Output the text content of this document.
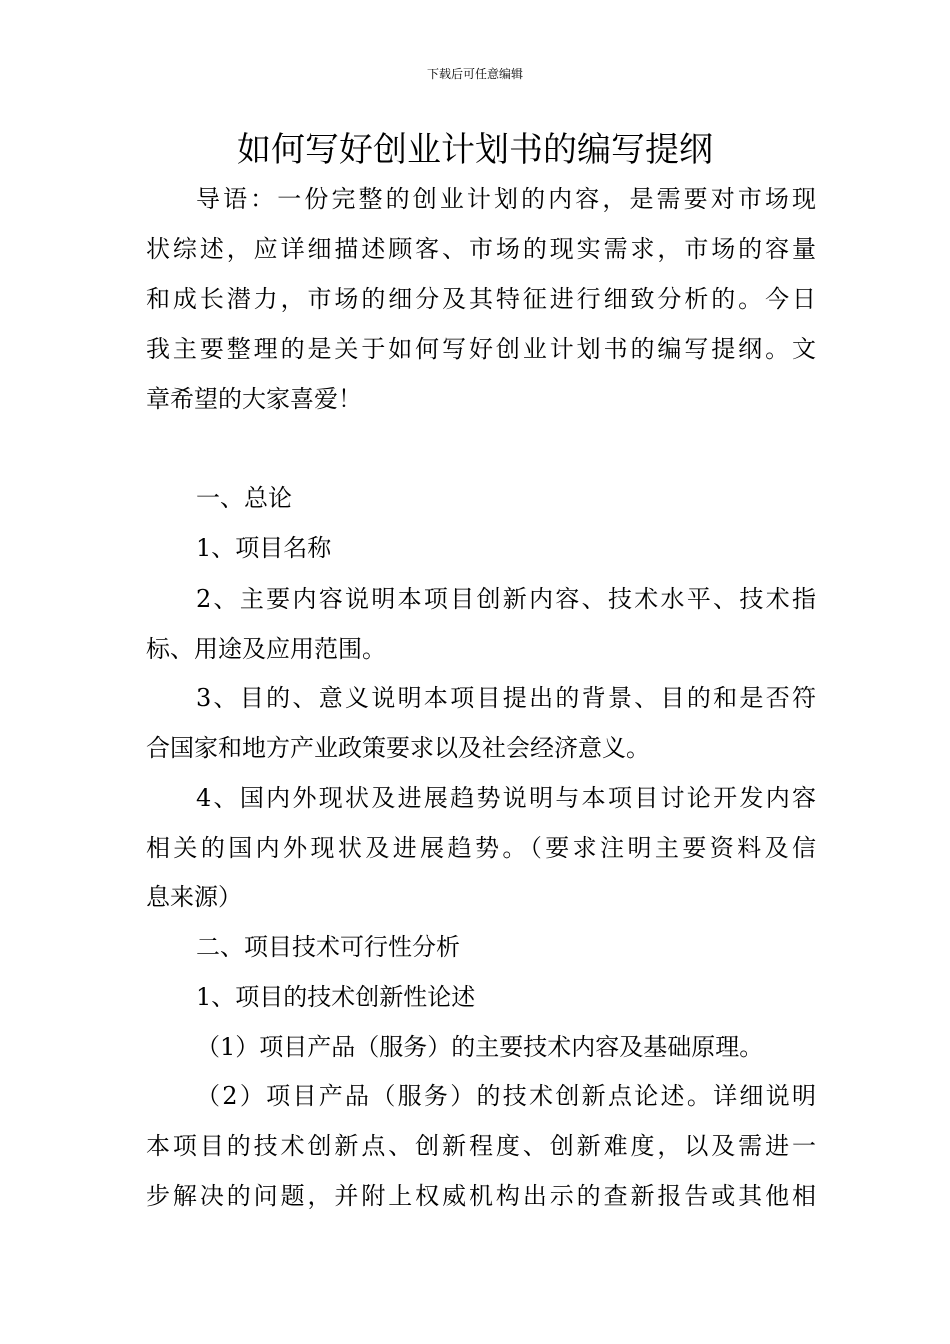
下载后可任意编辑
如何写好创业计划书的编写提纲
导语：一份完整的创业计划的内容，是需要对市场现
状综述，应详细描述顾客、市场的现实需求，市场的容量
和成长潜力，市场的细分及其特征进行细致分析的。今日
我主要整理的是关于如何写好创业计划书的编写提纲。文
章希望的大家喜爱！
一、总论
1、项目名称
2、主要内容说明本项目创新内容、技术水平、技术指
标、用途及应用范围。
3、目的、意义说明本项目提出的背景、目的和是否符
合国家和地方产业政策要求以及社会经济意义。
4、国内外现状及进展趋势说明与本项目讨论开发内容
相关的国内外现状及进展趋势。（要求注明主要资料及信
息来源）
二、项目技术可行性分析
1、项目的技术创新性论述
（1）项目产品（服务）的主要技术内容及基础原理。
（2）项目产品（服务）的技术创新点论述。详细说明
本项目的技术创新点、创新程度、创新难度，以及需进一
步解决的问题，并附上权威机构出示的查新报告或其他相
